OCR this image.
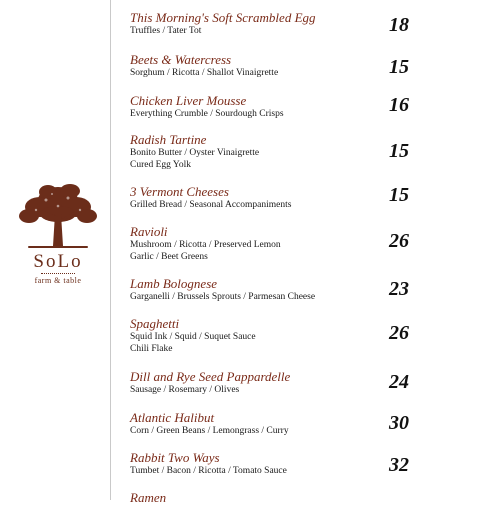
SoLo
farm & table
This Morning's Soft Scrambled Egg
Truffles / Tater Tot	18
Beets & Watercress
Sorghum / Ricotta / Shallot Vinaigrette	15
Chicken Liver Mousse
Everything Crumble / Sourdough Crisps	16
Radish Tartine
Bonito Butter / Oyster Vinaigrette
Cured Egg Yolk
15
3 Vermont Cheeses
Grilled Bread / Seasonal Accompaniments	15
Ravioli
Mushroom / Ricotta / Preserved Lemon
Garlic / Beet Greens
26
Lamb Bolognese
Garganelli / Brussels Sprouts / Parmesan Cheese	23
Spaghetti
Squid Ink / Squid / Suquet Sauce
Chili Flake
26
Dill and Rye Seed Pappardelle
Sausage / Rosemary / Olives	24
Atlantic Halibut
Corn / Green Beans / Lemongrass / Curry	30
Rabbit Two Ways
Tumbet / Bacon / Ricotta / Tomato Sauce	32
Ramen
